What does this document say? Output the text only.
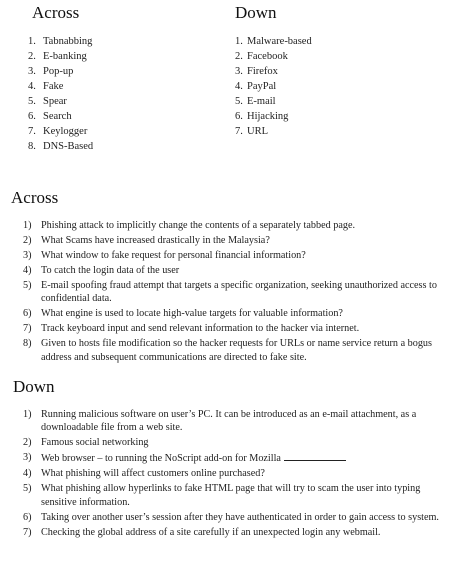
Across	Down
1. Tabnabbing
2. E-banking
3. Pop-up
4. Fake
5. Spear
6. Search
7. Keylogger
8. DNS-Based
1. Malware-based
2. Facebook
3. Firefox
4. PayPal
5. E-mail
6. Hijacking
7. URL
Across
1) Phishing attack to implicitly change the contents of a separately tabbed page.
2) What Scams have increased drastically in the Malaysia?
3) What window to fake request for personal financial information?
4) To catch the login data of the user
5) E-mail spoofing fraud attempt that targets a specific organization, seeking unauthorized access to confidential data.
6) What engine is used to locate high-value targets for valuable information?
7) Track keyboard input and send relevant information to the hacker via internet.
8) Given to hosts file modification so the hacker requests for URLs or name service return a bogus address and subsequent communications are directed to fake site.
Down
1) Running malicious software on user’s PC. It can be introduced as an e-mail attachment, as a downloadable file from a web site.
2) Famous social networking
3) Web browser – to running the NoScript add-on for Mozilla
4) What phishing will affect customers online purchased?
5) What phishing allow hyperlinks to fake HTML page that will try to scam the user into typing sensitive information.
6) Taking over another user’s session after they have authenticated in order to gain access to system.
7) Checking the global address of a site carefully if an unexpected login any webmail.
